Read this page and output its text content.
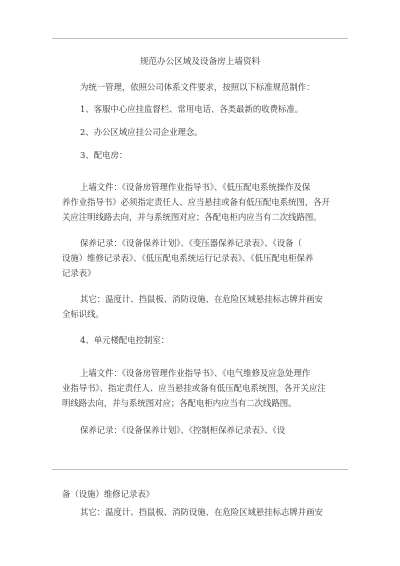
规范办公区域及设备房上墙资料
为统一管理，依照公司体系文件要求，按照以下标准规范制作：
1、客服中心应挂监督栏、常用电话、各类最新的收费标准。
2、办公区域应挂公司企业理念。
3、配电房：
上墙文件：《设备房管理作业指导书》、《低压配电系统操作及保
养作业指导书》必须指定责任人、应当悬挂或备有低压配电系统图，各开
关应注明线路去向，并与系统图对应；各配电柜内应当有二次线路图。
保养记录：《设备保养计划》、《变压器保养记录表》、《设备（
设施）维修记录表》、《低压配电系统运行记录表》、《低压配电柜保养
记录表》
其它：温度计、挡鼠板、消防设施、在危险区域悬挂标志牌并画安
全标识线。
4、单元楼配电控制室：
上墙文件：《设备房管理作业指导书》、《电气维修及应急处理作
业指导书》、指定责任人、应当悬挂或备有低压配电系统图，各开关应注
明线路去向，并与系统图对应；各配电柜内应当有二次线路图。
保养记录：《设备保养计划》、《控制柜保养记录表》、《设
备（设施）维修记录表》
其它：温度计、挡鼠板、消防设施、在危险区域悬挂标志牌并画安
